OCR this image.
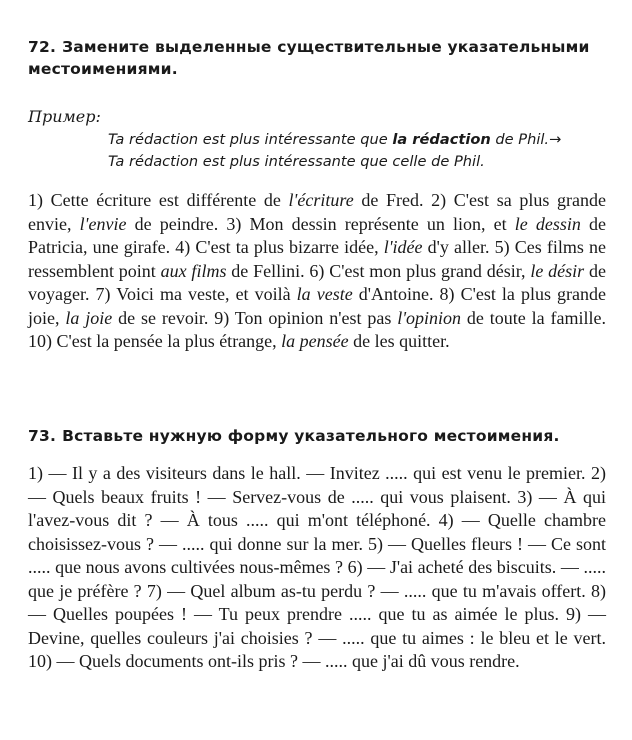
72. Замените выделенные существительные указательными
местоимениями.
Пример:
Ta rédaction est plus intéressante que la rédaction de Phil.→
Ta rédaction est plus intéressante que celle de Phil.
1) Cette écriture est différente de l'écriture de Fred. 2) C'est sa plus grande envie, l'envie de peindre. 3) Mon dessin représente un lion, et le dessin de Patricia, une girafe. 4) C'est ta plus bizarre idée, l'idée d'y aller. 5) Ces films ne ressemblent point aux films de Fellini. 6) C'est mon plus grand désir, le désir de voyager. 7) Voici ma veste, et voilà la veste d'Antoine. 8) C'est la plus grande joie, la joie de se revoir. 9) Ton opinion n'est pas l'opinion de toute la famille. 10) C'est la pensée la plus étrange, la pensée de les quitter.
73. Вставьте нужную форму указательного местоимения.
1) — Il y a des visiteurs dans le hall. — Invitez ..... qui est venu le premier. 2) — Quels beaux fruits ! — Servez-vous de ..... qui vous plaisent. 3) — À qui l'avez-vous dit ? — À tous ..... qui m'ont téléphoné. 4) — Quelle chambre choisissez-vous ? — ..... qui donne sur la mer. 5) — Quelles fleurs ! — Ce sont ..... que nous avons cultivées nous-mêmes ? 6) — J'ai acheté des biscuits. — ..... que je préfère ? 7) — Quel album as-tu perdu ? — ..... que tu m'avais offert. 8) — Quelles poupées ! — Tu peux prendre ..... que tu as aimée le plus. 9) — Devine, quelles couleurs j'ai choisies ? — ..... que tu aimes : le bleu et le vert. 10) — Quels documents ont-ils pris ? — ..... que j'ai dû vous rendre.
